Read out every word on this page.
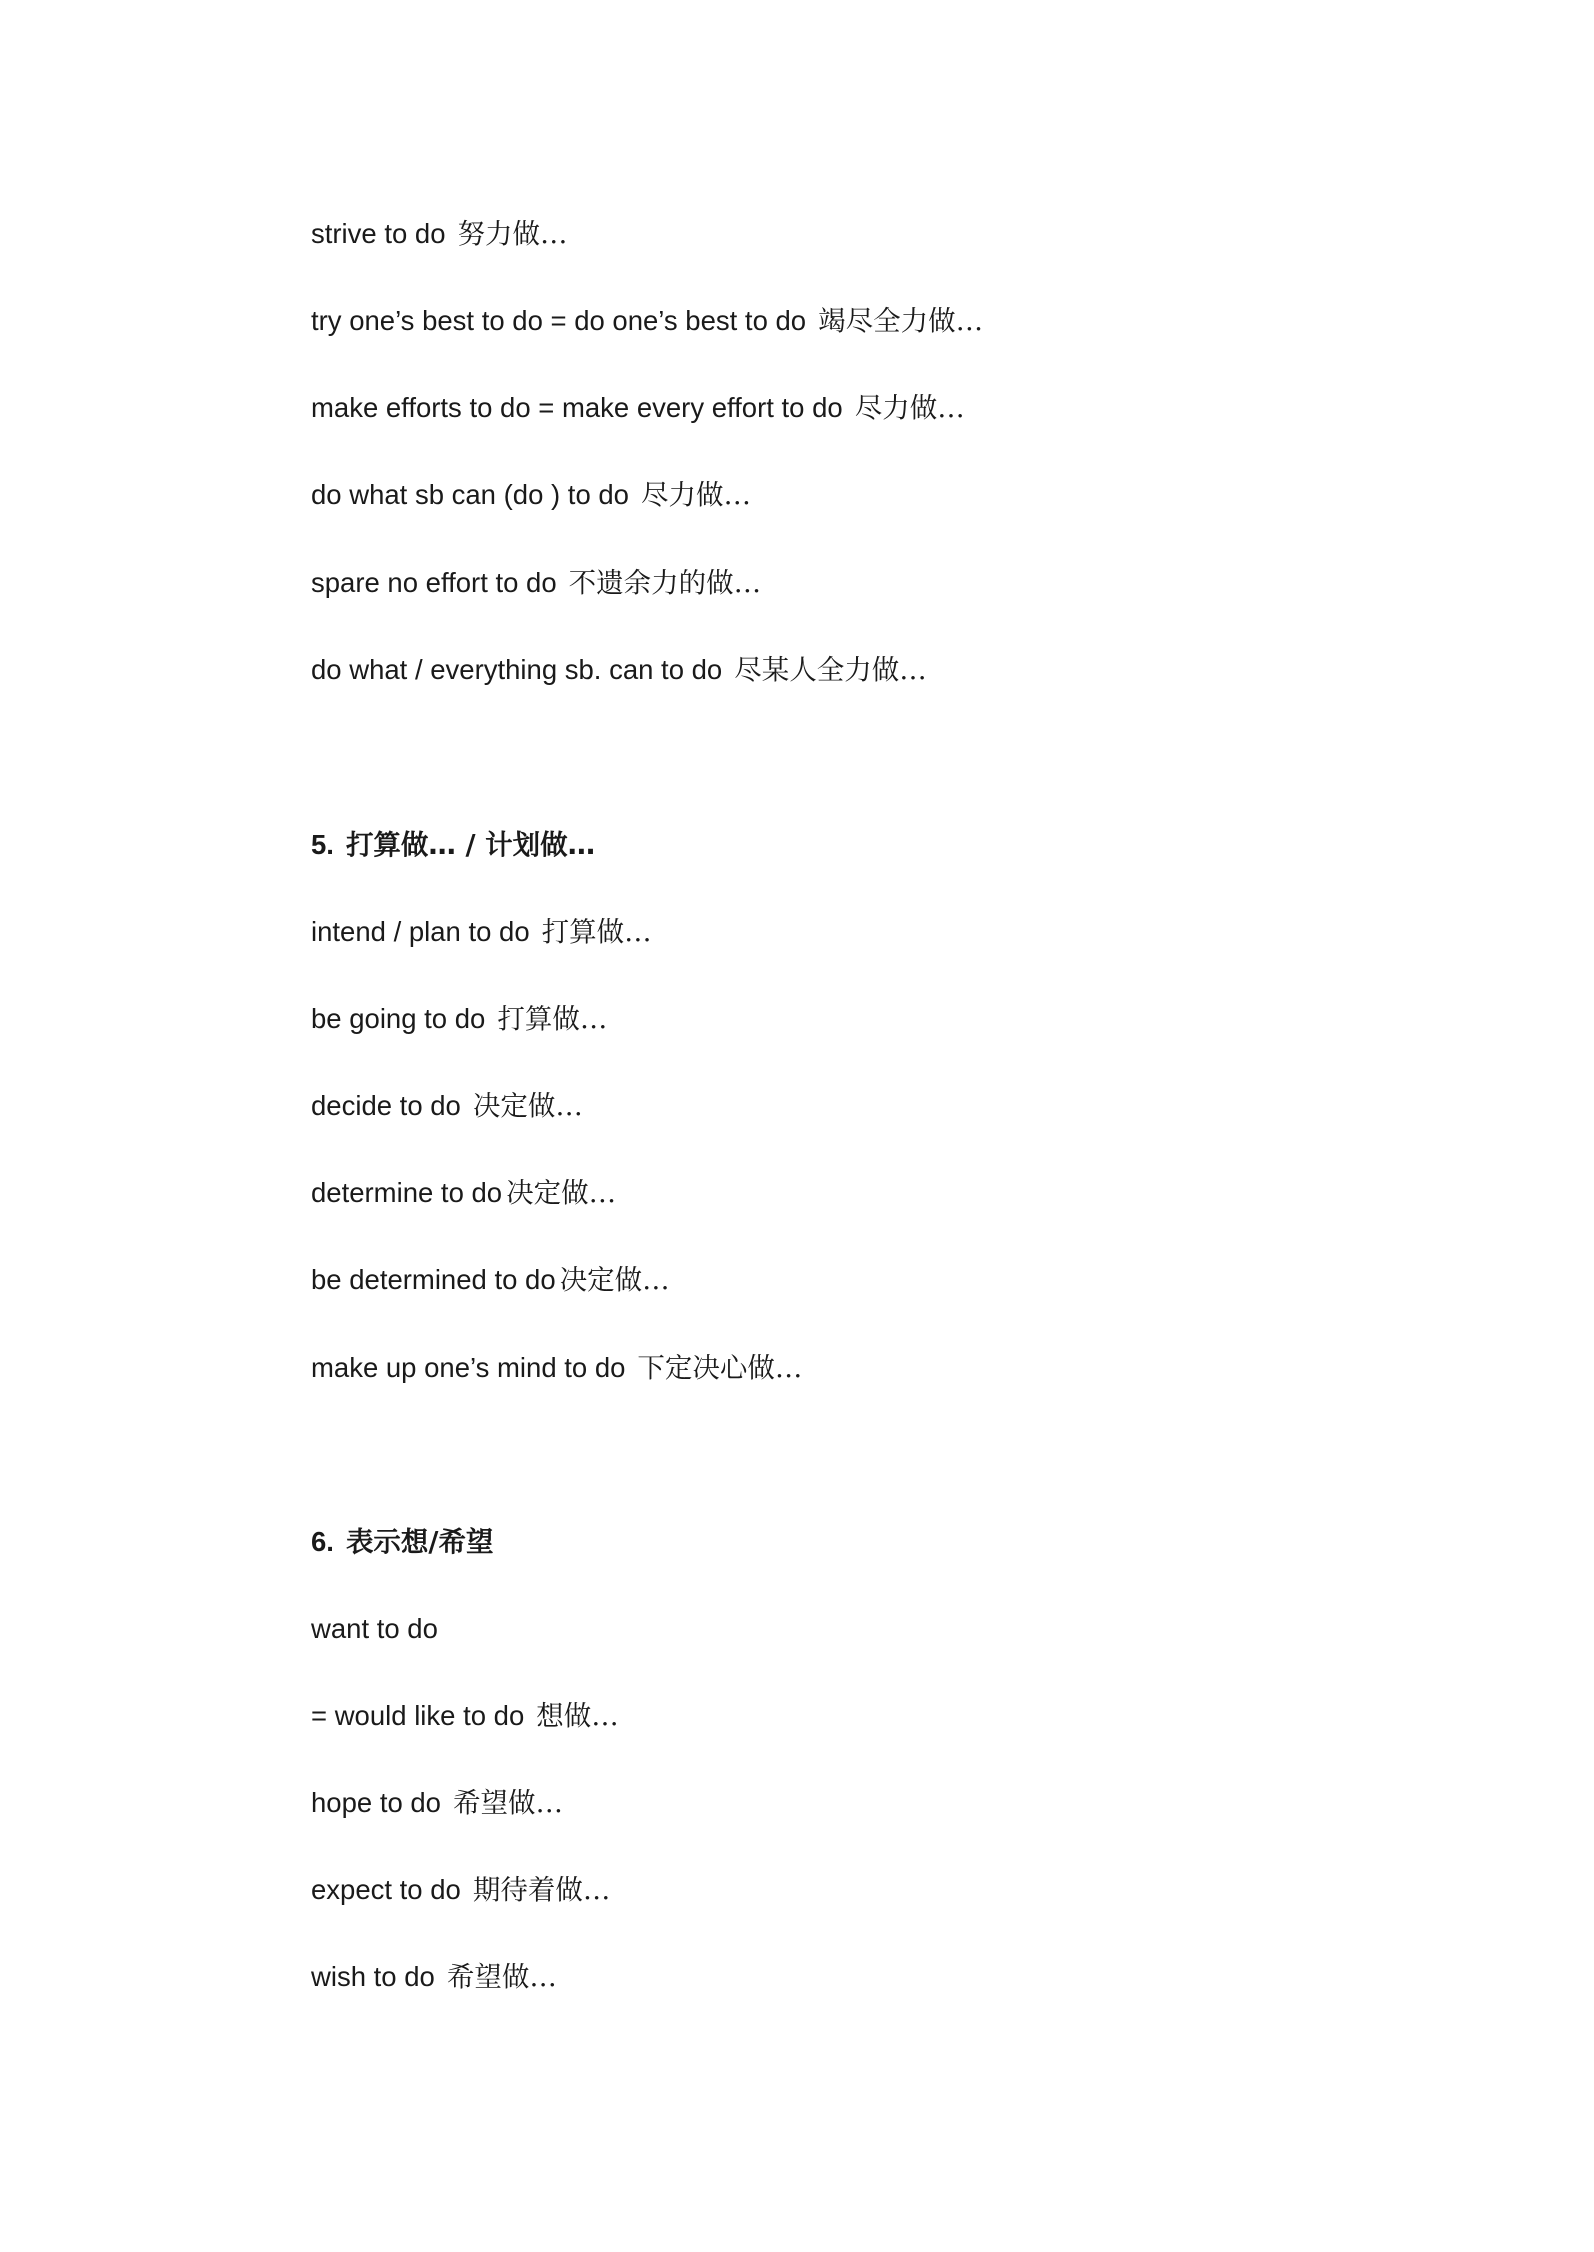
strive to do 努力做…
try one’s best to do = do one’s best to do 竭尽全力做…
make efforts to do = make every effort to do 尽力做…
do what sb can (do ) to do 尽力做…
spare no effort to do 不遗余力的做…
do what / everything sb. can to do 尽某人全力做…
5. 打算做… / 计划做…
intend / plan to do 打算做…
be going to do 打算做…
decide to do 决定做…
determine to do 决定做…
be determined to do 决定做…
make up one’s mind to do 下定决心做…
6. 表示想/希望
want to do
= would like to do 想做…
hope to do 希望做…
expect to do 期待着做…
wish to do 希望做…
